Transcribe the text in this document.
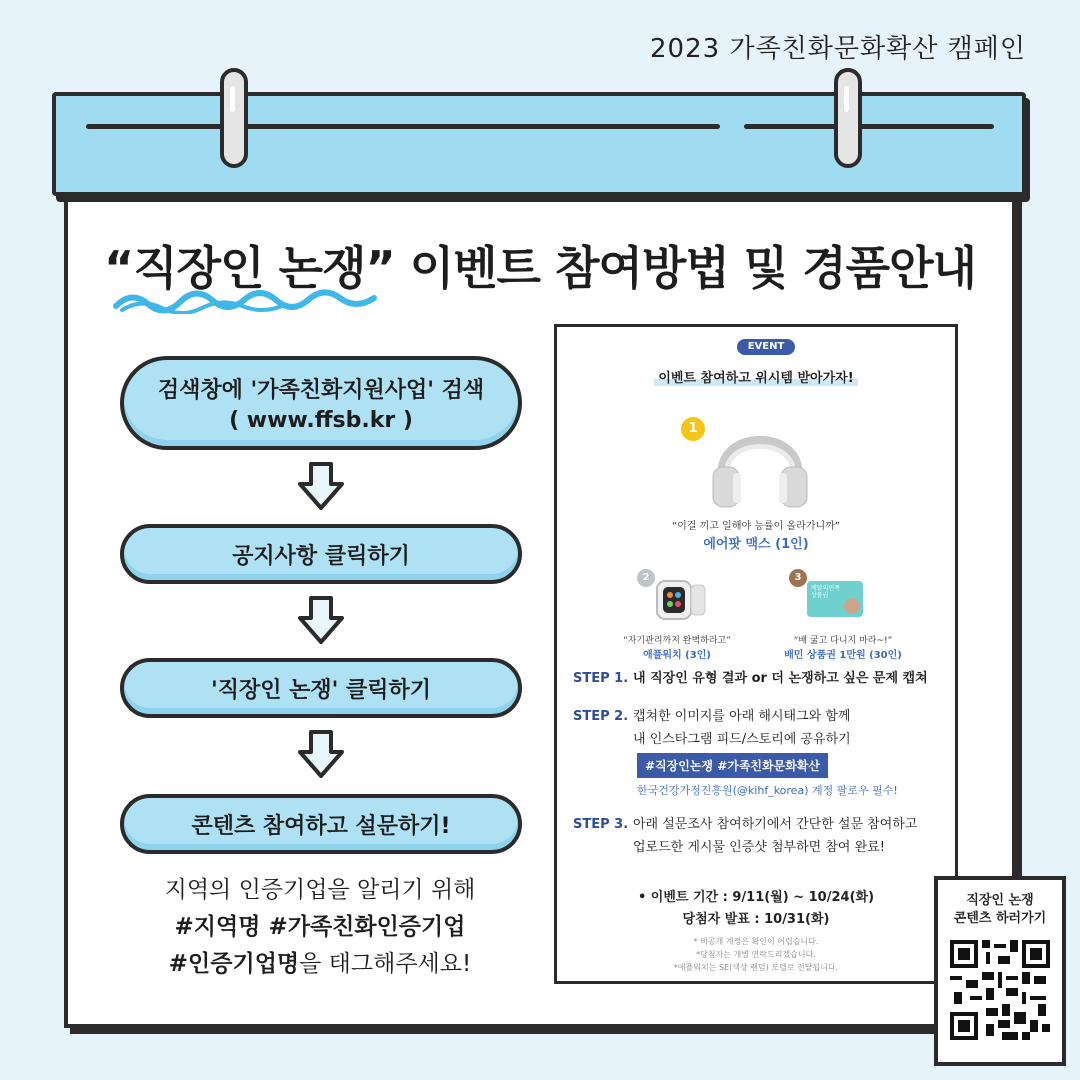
2023 가족친화문화확산 캠페인
“직장인 논쟁” 이벤트 참여방법 및 경품안내
검색창에 '가족친화지원사업' 검색
( www.ffsb.kr )
공지사항 클릭하기
'직장인 논쟁' 클릭하기
콘텐츠 참여하고 설문하기!
지역의 인증기업을 알리기 위해
#지역명 #가족친화인증기업
#인증기업명을 태그해주세요!
EVENT
이벤트 참여하고 위시템 받아가자!
1
“이걸 끼고 일해야 능률이 올라가니까”
에어팟 맥스 (1인)
2
“자기관리까지 완벽하라고”
애플워치 (3인)
3
배달의민족 상품권
“배 굶고 다니지 마라~!”
배민 상품권 1만원 (30인)
STEP 1. 내 직장인 유형 결과 or 더 논쟁하고 싶은 문제 캡쳐
STEP 2. 캡쳐한 이미지를 아래 해시태그와 함께
내 인스타그램 피드/스토리에 공유하기
#직장인논쟁 #가족친화문화확산
한국건강가정진흥원(@kihf_korea) 계정 팔로우 필수!
STEP 3. 아래 설문조사 참여하기에서 간단한 설문 참여하고
업로드한 게시물 인증샷 첨부하면 참여 완료!
• 이벤트 기간 : 9/11(월) ~ 10/24(화)
당첨자 발표 : 10/31(화)
* 비공개 계정은 확인이 어렵습니다.
*당첨자는 개별 연락드리겠습니다.
*애플워치는 SE(색상 랜덤) 모델로 전달됩니다.
직장인 논쟁
콘텐츠 하러가기
